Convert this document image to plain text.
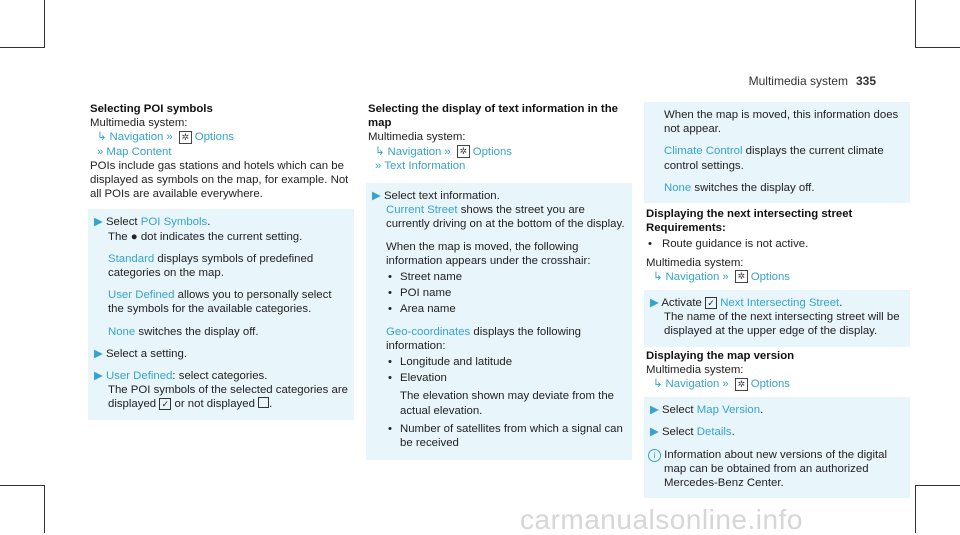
Multimedia system 335
Selecting POI symbols
Multimedia system:
↳ Navigation » ✲ Options
» Map Content
POIs include gas stations and hotels which can be displayed as symbols on the map, for example. Not all POIs are available everywhere.

▶ Select POI Symbols.
The ● dot indicates the current setting.

Standard displays symbols of predefined categories on the map.

User Defined allows you to personally select the symbols for the available categories.

None switches the display off.

▶ Select a setting.

▶ User Defined: select categories.
The POI symbols of the selected categories are displayed ✓ or not displayed .

Selecting the display of text information in the map
Multimedia system:
↳ Navigation » ✲ Options
» Text Information

▶ Select text information.
Current Street shows the street you are currently driving on at the bottom of the display.

When the map is moved, the following information appears under the crosshair:

• Street name
• POI name
• Area name

Geo-coordinates displays the following information:

• Longitude and latitude
• Elevation
The elevation shown may deviate from the actual elevation.
• Number of satellites from which a signal can be received

When the map is moved, this information does not appear.

Climate Control displays the current climate control settings.

None switches the display off.

Displaying the next intersecting street
Requirements:
• Route guidance is not active.
Multimedia system:
↳ Navigation » ✲ Options

▶ Activate ✓ Next Intersecting Street.
The name of the next intersecting street will be displayed at the upper edge of the display.

Displaying the map version
Multimedia system:
↳ Navigation » ✲ Options

▶ Select Map Version.

▶ Select Details.

i Information about new versions of the digital map can be obtained from an authorized Mercedes-Benz Center.

carmanualsonline.info
